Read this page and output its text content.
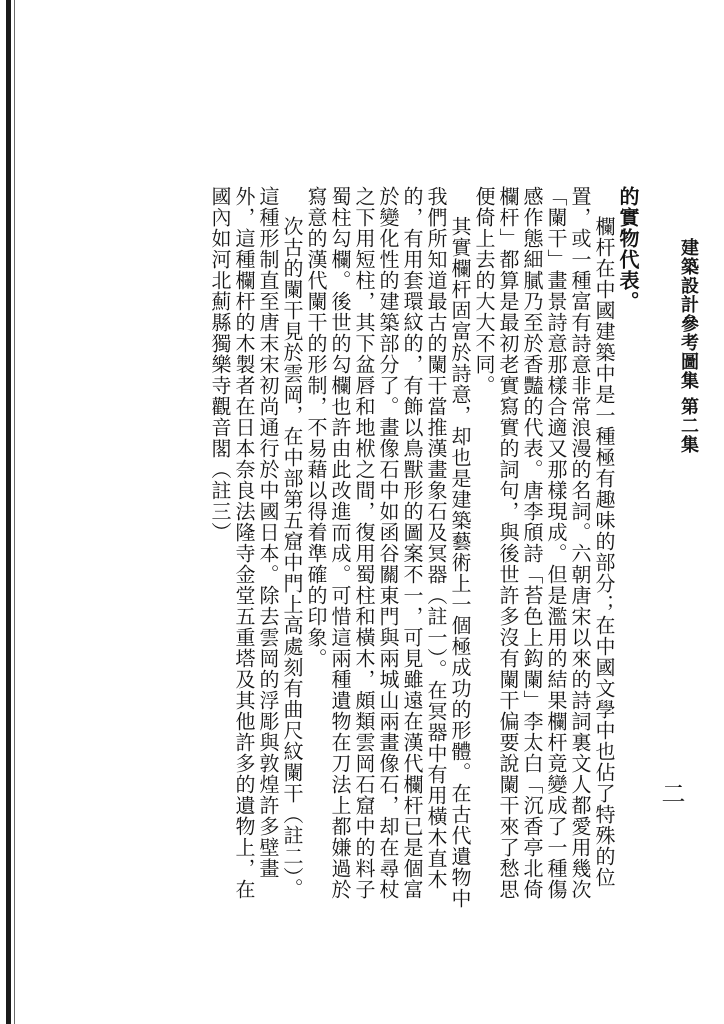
建築設計參考圖集 第二集
二

的實物代表。

欄杆在中國建築中是一種極有趣味的部分；在中國文學中也佔了特殊的位置，或一種富有詩意非常浪漫的名詞。六朝唐宋以來的詩詞裏文人都愛用幾次「闌干」畫景詩意那樣合適又那樣現成。但是濫用的結果欄杆竟變成了一種傷感作態細膩乃至於香豔的代表。唐李頎詩「苔色上鈎闌」李太白「沉香亭北倚欄杆」都算是最初老實寫實的詞句，與後世許多沒有闌干偏要說闌干來了愁思便倚上去的大大不同。

其實欄杆固富於詩意，却也是建築藝術上一個極成功的形體。在古代遺物中我們所知道最古的闌干當推漢畫象石及冥器（註一）。在冥器中有用橫木直木的，有用套環紋的，有飾以鳥獸形的圖案不一，可見雖遠在漢代欄杆已是個富於變化性的建築部分了。畫像石中如函谷關東門與兩城山兩畫像石，却在尋杖之下用短柱，其下盆唇和地栿之間，復用蜀柱和橫木，頗類雲岡石窟中的料子蜀柱勾欄。後世的勾欄也許由此改進而成。可惜這兩種遺物在刀法上都嫌過於寫意的漢代闌干的形制，不易藉以得着準確的印象。

次古的闌干見於雲岡，在中部第五窟中門上高處刻有曲尺紋闌干（註二）。這種形制直至唐末宋初尚通行於中國日本。除去雲岡的浮彫與敦煌許多壁畫外，這種欄杆的木製者在日本奈良法隆寺金堂五重塔及其他許多的遺物上，在國內如河北薊縣獨樂寺觀音閣（註三）
